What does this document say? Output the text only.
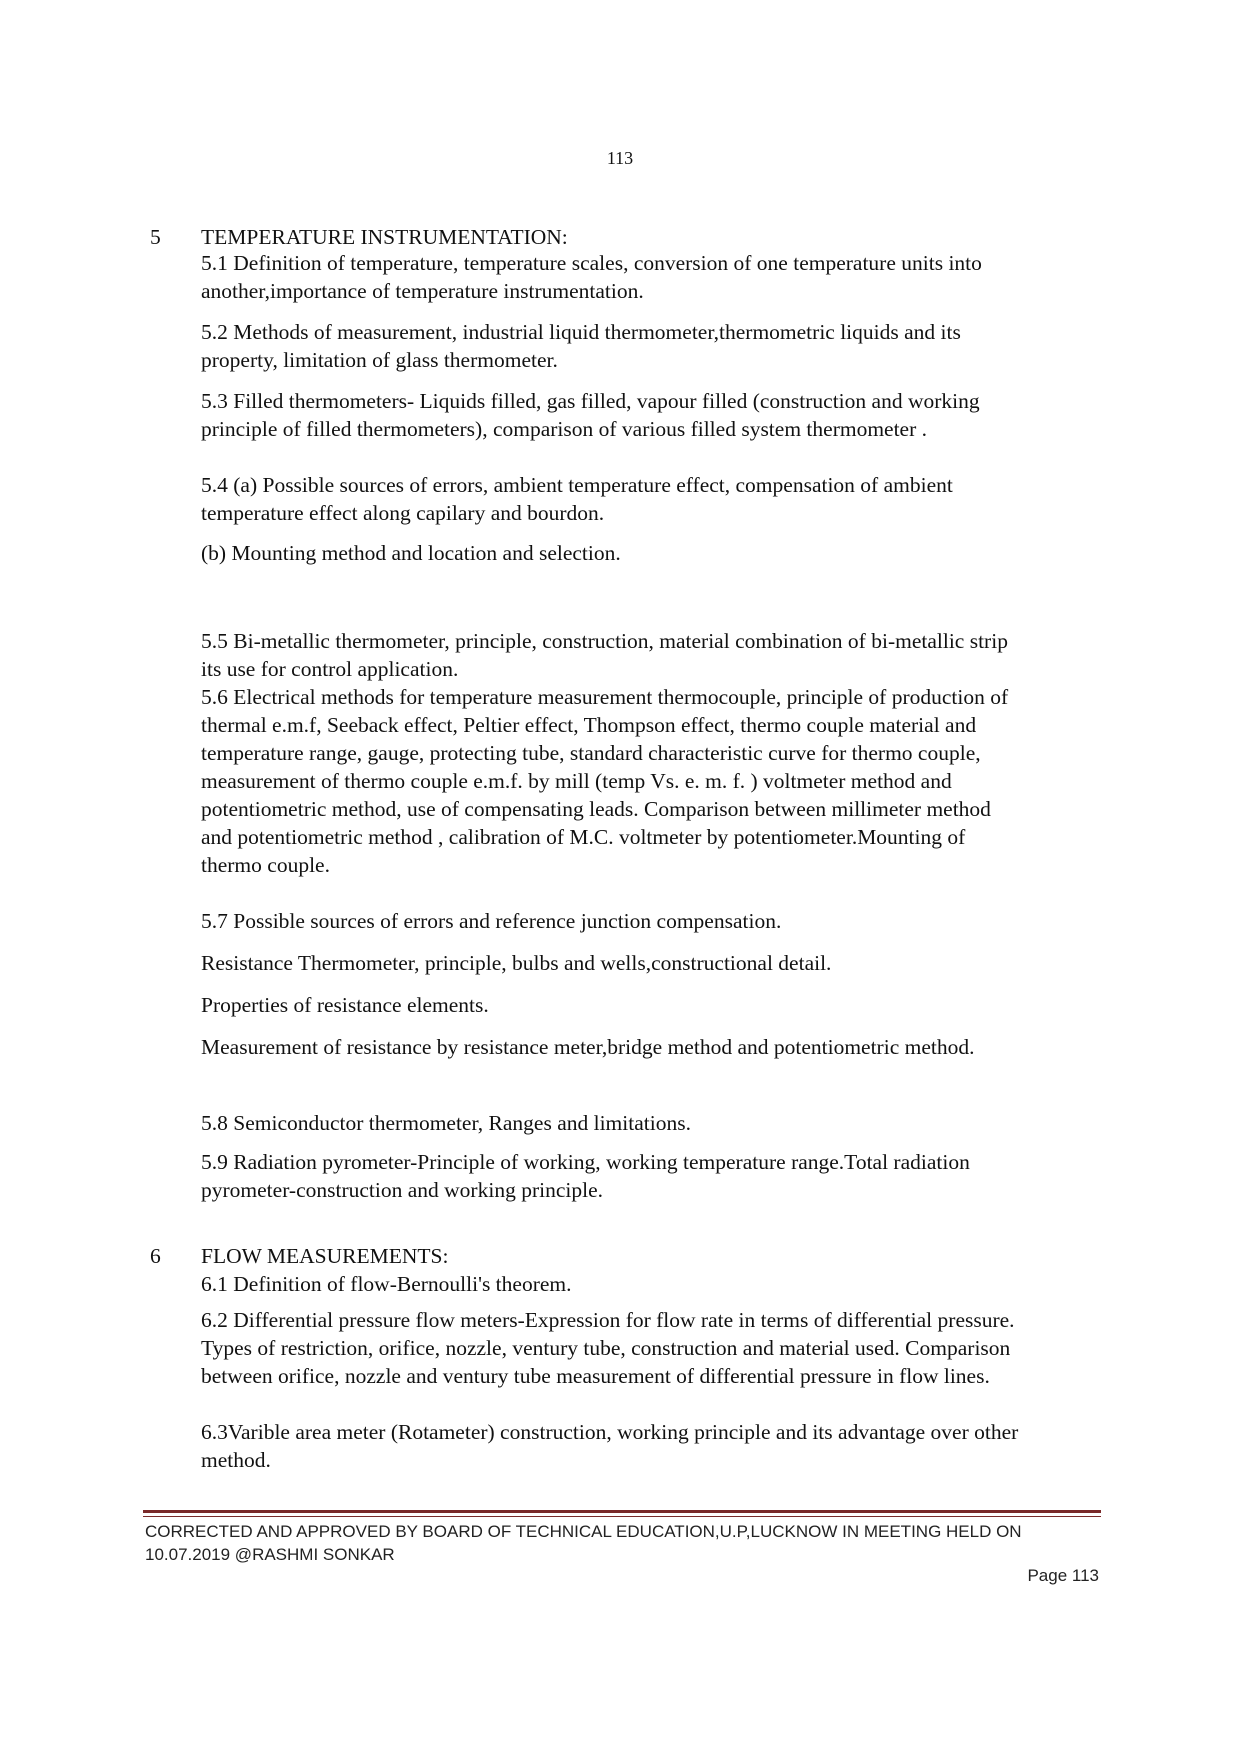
113
5 TEMPERATURE INSTRUMENTATION:

5.1 Definition of temperature, temperature scales, conversion of one temperature units into another,importance of temperature instrumentation.

5.2 Methods of measurement, industrial liquid thermometer,thermometric liquids and its property, limitation of glass thermometer.

5.3 Filled thermometers- Liquids filled, gas filled, vapour filled (construction and working principle of filled thermometers), comparison of various filled system thermometer .

5.4 (a) Possible sources of errors, ambient temperature effect, compensation of ambient temperature effect along capilary and bourdon.

(b) Mounting method and location and selection.

5.5 Bi-metallic thermometer, principle, construction, material combination of bi-metallic strip its use for control application.

5.6 Electrical methods for temperature measurement thermocouple, principle of production of thermal e.m.f, Seeback effect, Peltier effect, Thompson effect, thermo couple material and temperature range, gauge, protecting tube, standard characteristic curve for thermo couple, measurement of thermo couple e.m.f. by mill (temp Vs. e. m. f. ) voltmeter method and potentiometric method, use of compensating leads. Comparison between millimeter method and potentiometric method , calibration of M.C. voltmeter by potentiometer.Mounting of thermo couple.

5.7 Possible sources of errors and reference junction compensation.

Resistance Thermometer, principle, bulbs and wells,constructional detail.

Properties of resistance elements.

Measurement of resistance by resistance meter,bridge method and potentiometric method.

5.8 Semiconductor thermometer, Ranges and limitations.

5.9 Radiation pyrometer-Principle of working, working temperature range.Total radiation pyrometer-construction and working principle.

6 FLOW MEASUREMENTS:

6.1 Definition of flow-Bernoulli's theorem.

6.2 Differential pressure flow meters-Expression for flow rate in terms of differential pressure. Types of restriction, orifice, nozzle, ventury tube, construction and material used. Comparison between orifice, nozzle and ventury tube measurement of differential pressure in flow lines.

6.3Varible area meter (Rotameter) construction, working principle and its advantage over other method.

CORRECTED AND APPROVED BY BOARD OF TECHNICAL EDUCATION,U.P,LUCKNOW IN MEETING HELD ON
10.07.2019 @RASHMI SONKAR
Page 113
